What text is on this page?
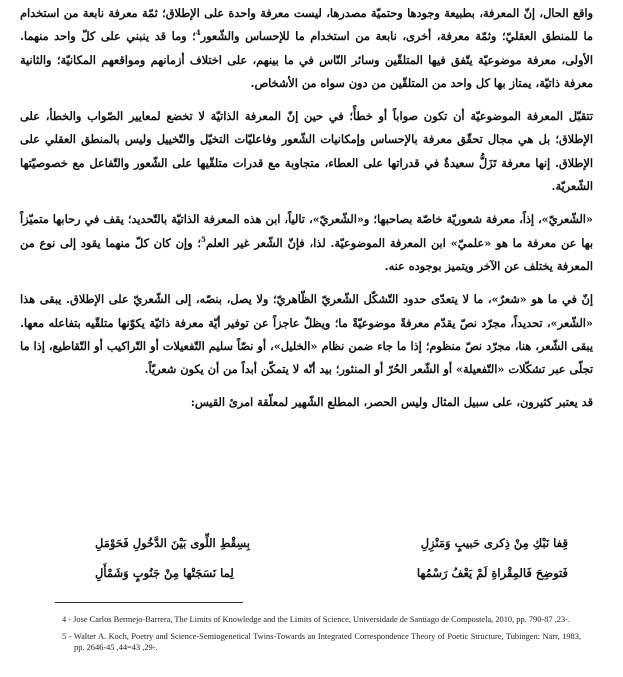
واقع الحال، إنّ المعرفة، بطبيعة وجودها وحتميّة مصدرها، ليست معرفة واحدة على الإطلاق؛ ثمّة معرفة نابعة من استخدام ما للمنطق العقليّ؛ وثمّة معرفة، أخرى، نابعة من استخدام ما للإحساس والشّعور$^4$؛ وما قد ينبني على كلّ واحد منهما. الأولى، معرفة موضوعيّة يتّفق فيها المتلقّين وسائر النّاس في ما بينهم، على اختلاف أزمانهم ومواقعهم المكانيّة؛ والثانية معرفة ذاتيّة، يمتاز بها كل واحد من المتلقّين من دون سواه من الأشخاص.

تتقبّل المعرفة الموضوعيّة أن تكون صواباً أو خطأً؛ في حين إنّ المعرفة الذاتيّة لا تخضع لمعايير الصّواب والخطأ، على الإطلاق؛ بل هي مجال تحقّق معرفة بالإحساس وإمكانيات الشّعور وفاعليّات التخيّل والتّخييل وليس بالمنطق العقلي على الإطلاق. إنها معرفة تَزَلُّ سعيدةٌ في قدراتها على العطاء، متجاوبة مع قدرات متلقّيها على الشّعور والتّفاعل مع خصوصيّتها الشّعريّة.

«الشّعريّ»، إذاً، معرفة شعوريّة خاصّة بصاحبها؛ و«الشّعريّ»، تالياً، ابن هذه المعرفة الذاتيّة بالتّحديد؛ يقف في رحابها متميّزاً بها عن معرفة ما هو «علميّ» ابن المعرفة الموضوعيّة. لذا، فإنّ الشّعر غير العلم$^5$؛ وإن كان كلّ منهما يقود إلى نوع من المعرفة يختلف عن الآخر ويتميز بوجوده عنه.

إنّ في ما هو «شعرٌ»، ما لا يتعدّى حدود التّشكّل الشّعريّ الظّاهريّ؛ ولا يصل، بنصّه، إلى الشّعريّ على الإطلاق. يبقى هذا «الشّعر»، تحديداً، مجرّد نصّ يقدّم معرفةً موضوعيّةً ما؛ ويظلّ عاجزاً عن توفير أيّة معرفة ذاتيّة يكوّنها متلقّيه بتفاعله معها. يبقى الشّعر، هنا، مجرّد نصّ منظوم؛ إذا ما جاء ضمن نظام «الخليل»، أو نصّاً سليم التّفعيلات أو التّراكيب أو التّقاطيع، إذا ما تجلّى عبر تشكّلات «التّفعيلة» أو الشّعر الحُرّ أو المنثور؛ بيد أنّه لا يتمكّن أبداً من أن يكون شعريّاً.

قد يعتبر كثيرون، على سبيل المثال وليس الحصر، المطلع الشّهير لمعلّقة امرئ القيس:

قِفا نَبْكِ مِنْ ذِكرى حَبيبٍ وَمَنْزِلِ
بِسِقْطِ اللِّوى بَيْنَ الدَّخُولِ فَحَوْمَلِ
فَتوضِحَ فَالمِقْراةِ لَمْ يَعْفُ رَسْمُها
لِما نَسَجَتْها مِنْ جَنُوبٍ وَشَمْأَلِ

4 - Jose Carlos Bermejo-Barrera, The Limits of Knowledge and the Limits of Science, Universidade de Santiago de Compostela, 2010, pp. 790-87 ,23-.

5 - Walter A. Koch, Poetry and Science-Semiogenetical Twins-Towards an Integrated Correspondence Theory of Poetic Structure, Tubingen: Narr, 1983, pp. 2646-45 ,44=43 ,29-.
